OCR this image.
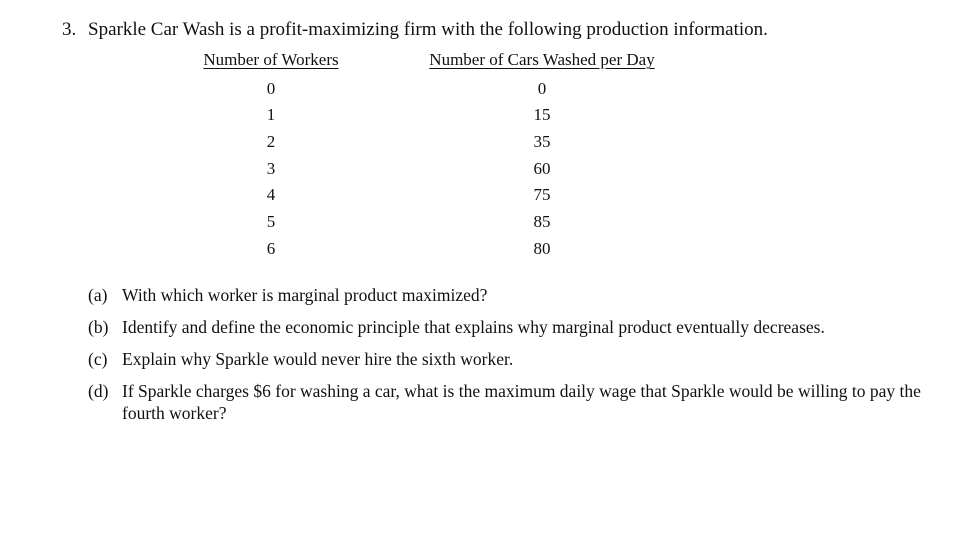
3. Sparkle Car Wash is a profit-maximizing firm with the following production information.
Number of Workers	Number of Cars Washed per Day
0	0
1	15
2	35
3	60
4	75
5	85
6	80
(a) With which worker is marginal product maximized?
(b) Identify and define the economic principle that explains why marginal product eventually decreases.
(c) Explain why Sparkle would never hire the sixth worker.
(d) If Sparkle charges $6 for washing a car, what is the maximum daily wage that Sparkle would be willing to pay the fourth worker?
